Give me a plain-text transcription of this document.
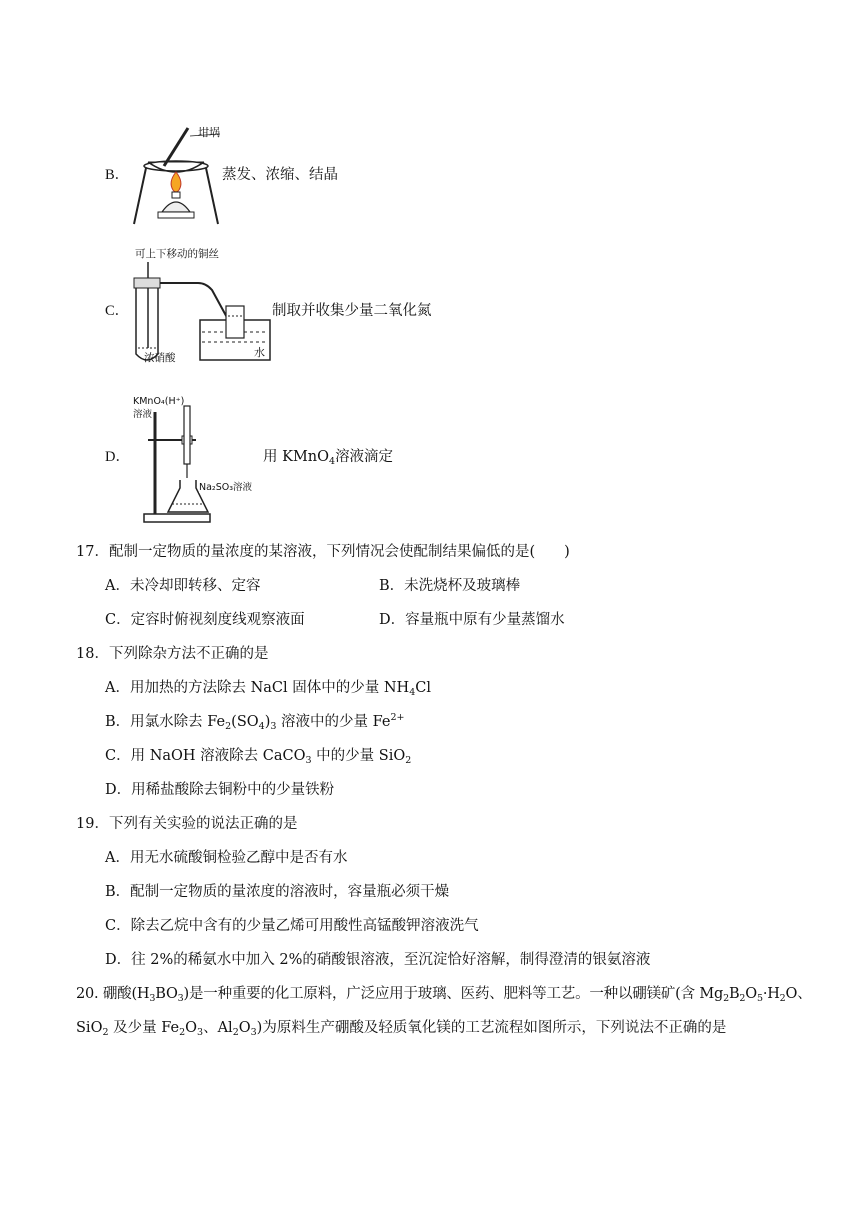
B．
坩埚
蒸发、浓缩、结晶
可上下移动的铜丝
C．
浓硝酸	水
制取并收集少量二氧化氮
KMnO₄(H⁺)
溶液
D．
Na₂SO₃溶液
用 KMnO$_4$溶液滴定
17．配制一定物质的量浓度的某溶液，下列情况会使配制结果偏低的是(　　)
A．未冷却即转移、定容	B．未洗烧杯及玻璃棒
C．定容时俯视刻度线观察液面	D．容量瓶中原有少量蒸馏水
18．下列除杂方法不正确的是
A．用加热的方法除去 NaCl 固体中的少量 $NH_4Cl$
B．用氯水除去 $Fe_2(SO_4)_3$ 溶液中的少量 $Fe^{2+}$
C．用 NaOH 溶液除去 CaCO$_3$ 中的少量 SiO$_2$
D．用稀盐酸除去铜粉中的少量铁粉
19．下列有关实验的说法正确的是
A．用无水硫酸铜检验乙醇中是否有水
B．配制一定物质的量浓度的溶液时，容量瓶必须干燥
C．除去乙烷中含有的少量乙烯可用酸性高锰酸钾溶液洗气
D．往 2%的稀氨水中加入 2%的硝酸银溶液，至沉淀恰好溶解，制得澄清的银氨溶液
20. 硼酸$(H_3BO_3)$是一种重要的化工原料，广泛应用于玻璃、医药、肥料等工艺。一种以硼镁矿(含 $Mg_2B_2O_5\cdot H_2O$、
SiO$_2$ 及少量 $Fe_2O_3$、$Al_2O_3$)为原料生产硼酸及轻质氧化镁的工艺流程如图所示，下列说法不正确的是
